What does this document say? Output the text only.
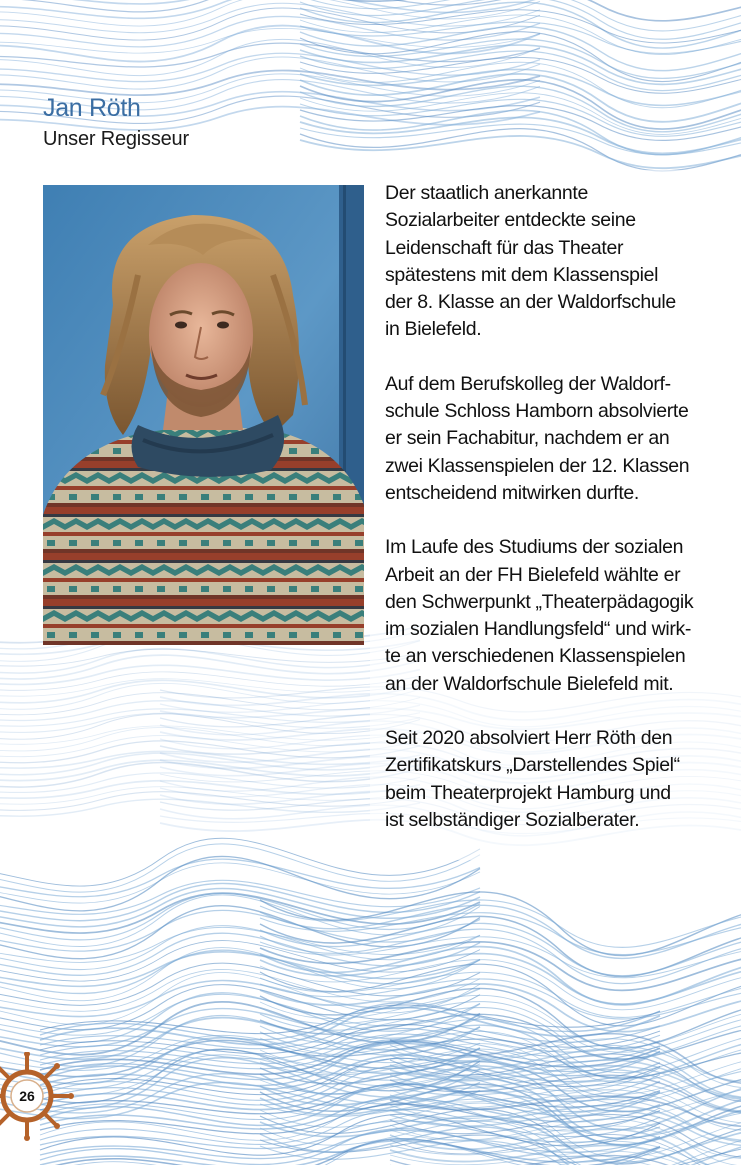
Jan Röth
Unser Regisseur

Der staatlich anerkannte
Sozialarbeiter entdeckte seine
Leidenschaft für das Theater
spätestens mit dem Klassenspiel
der 8. Klasse an der Waldorfschule
in Bielefeld.

Auf dem Berufskolleg der Waldorf-
schule Schloss Hamborn absolvierte
er sein Fachabitur, nachdem er an
zwei Klassenspielen der 12. Klassen
entscheidend mitwirken durfte.

Im Laufe des Studiums der sozialen
Arbeit an der FH Bielefeld wählte er
den Schwerpunkt „Theaterpädagogik
im sozialen Handlungsfeld“ und wirk-
te an verschiedenen Klassenspielen
an der Waldorfschule Bielefeld mit.

Seit 2020 absolviert Herr Röth den
Zertifikatskurs „Darstellendes Spiel“
beim Theaterprojekt Hamburg und
ist selbständiger Sozialberater.

26
